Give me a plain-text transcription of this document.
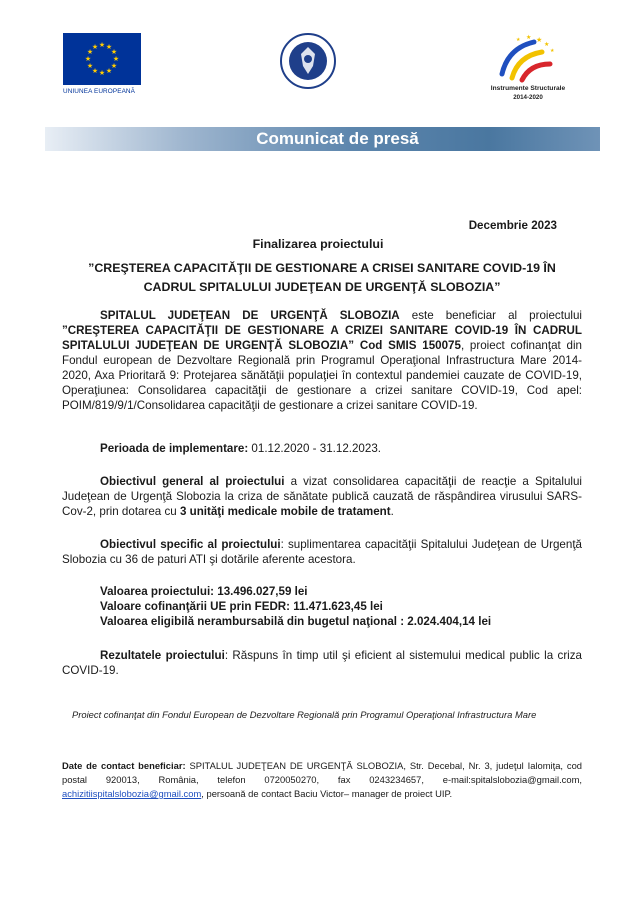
★ ★
★
★
★
★
★
★
★
★
★
★
UNIUNEA EUROPEANĂ
★
★
★
★
★
Instrumente Structurale
2014-2020
Comunicat de presă
Decembrie 2023
Finalizarea proiectului
”CREŞTEREA CAPACITĂŢII DE GESTIONARE A CRISEI SANITARE COVID-19 ÎN CADRUL SPITALULUI JUDEŢEAN DE URGENŢĂ SLOBOZIA”
SPITALUL JUDEŢEAN DE URGENŢĂ SLOBOZIA este beneficiar al proiectului ”CREŞTEREA CAPACITĂŢII DE GESTIONARE A CRIZEI SANITARE COVID-19 ÎN CADRUL SPITALULUI JUDEŢEAN DE URGENŢĂ SLOBOZIA” Cod SMIS 150075, proiect cofinanţat din Fondul european de Dezvoltare Regională prin Programul Operaţional Infrastructura Mare 2014-2020, Axa Prioritară 9: Protejarea sănătăţii populaţiei în contextul pandemiei cauzate de COVID-19, Operaţiunea: Consolidarea capacităţii de gestionare a crizei sanitare COVID-19, Cod apel: POIM/819/9/1/Consolidarea capacităţii de gestionare a crizei sanitare COVID-19.
Perioada de implementare: 01.12.2020 - 31.12.2023.
Obiectivul general al proiectului a vizat consolidarea capacităţii de reacţie a Spitalului Judeţean de Urgenţă Slobozia la criza de sănătate publică cauzată de răspândirea virusului SARS-Cov-2, prin dotarea cu 3 unităţi medicale mobile de tratament.
Obiectivul specific al proiectului: suplimentarea capacităţii Spitalului Judeţean de Urgenţă Slobozia cu 36 de paturi ATI şi dotările aferente acestora.
Valoarea proiectului: 13.496.027,59 lei
Valoare cofinanţării UE prin FEDR: 11.471.623,45 lei
Valoarea eligibilă nerambursabilă din bugetul naţional : 2.024.404,14 lei
Rezultatele proiectului: Răspuns în timp util şi eficient al sistemului medical public la criza COVID-19.
Proiect cofinanţat din Fondul European de Dezvoltare Regională prin Programul Operaţional Infrastructura Mare
Date de contact beneficiar: SPITALUL JUDEŢEAN DE URGENŢĂ SLOBOZIA, Str. Decebal, Nr. 3, judeţul Ialomiţa, cod postal 920013, România, telefon 0720050270, fax 0243234657, e-mail:spitalslobozia@gmail.com, achizitiispitalslobozia@gmail.com, persoană de contact Baciu Victor– manager de proiect UIP.
